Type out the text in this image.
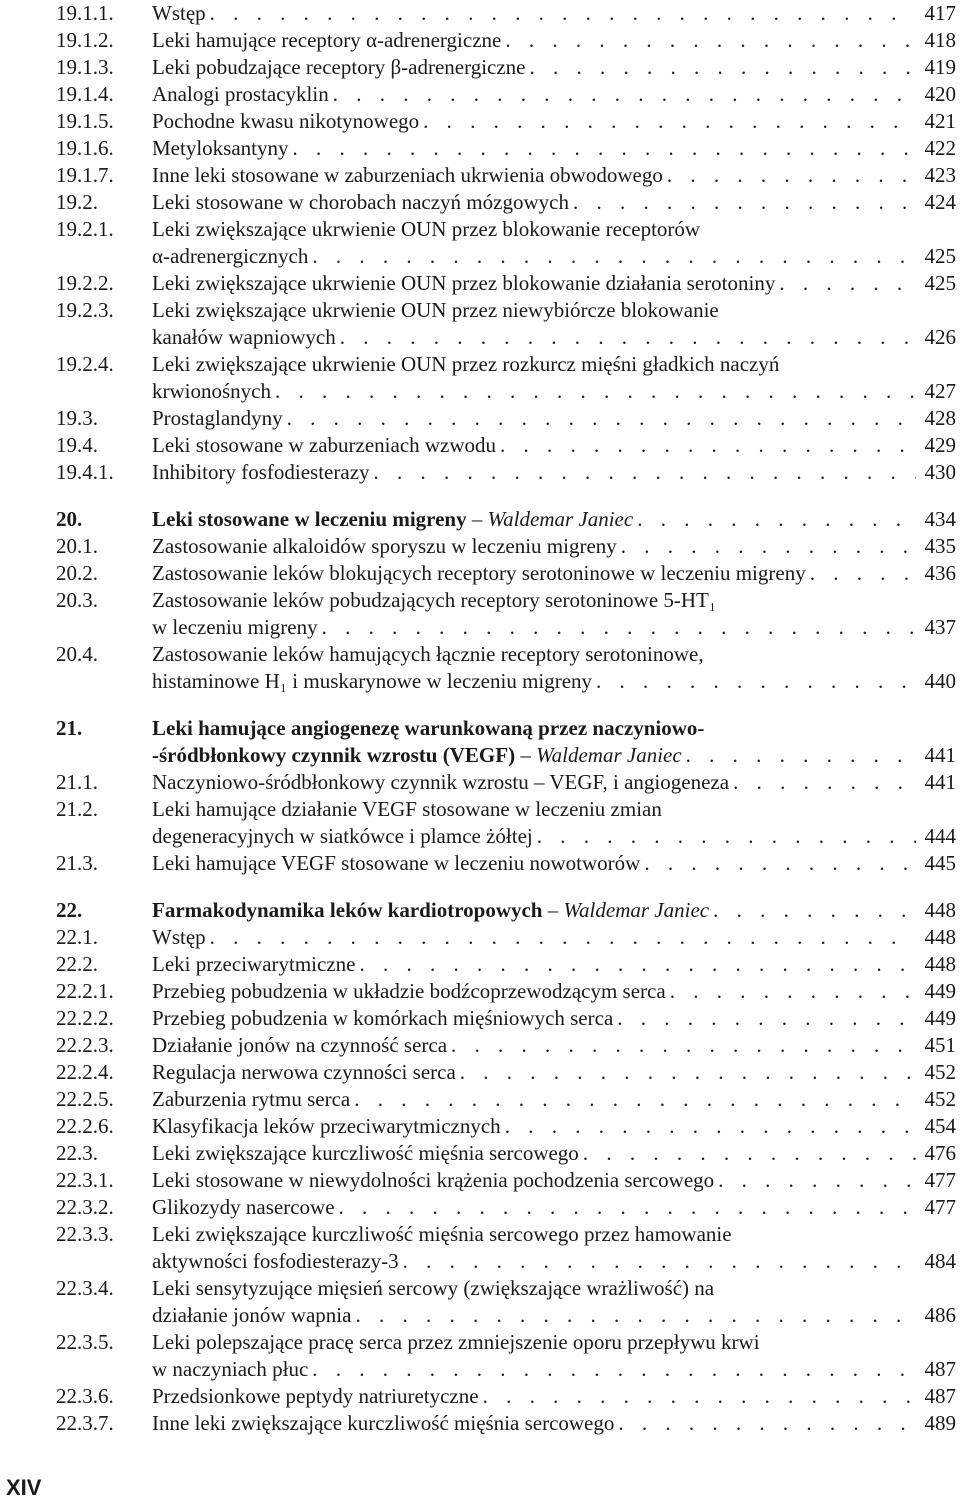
19.1.1.	Wstęp . . .	417
19.1.2.	Leki hamujące receptory α-adrenergiczne . . .	418
19.1.3.	Leki pobudzające receptory β-adrenergiczne . . .	419
19.1.4.	Analogi prostacyklin . . .	420
19.1.5.	Pochodne kwasu nikotynowego . . .	421
19.1.6.	Metyloksantyny . . .	422
19.1.7.	Inne leki stosowane w zaburzeniach ukrwienia obwodowego . . .	423
19.2.	Leki stosowane w chorobach naczyń mózgowych . . .	424
19.2.1.	Leki zwiększające ukrwienie OUN przez blokowanie receptorów
α-adrenergicznych . . .	425
19.2.2.	Leki zwiększające ukrwienie OUN przez blokowanie działania serotoniny . . .	425
19.2.3.	Leki zwiększające ukrwienie OUN przez niewybiórcze blokowanie
kanałów wapniowych . . .	426
19.2.4.	Leki zwiększające ukrwienie OUN przez rozkurcz mięśni gładkich naczyń
krwionośnych . . .	427
19.3.	Prostaglandyny . . .	428
19.4.	Leki stosowane w zaburzeniach wzwodu . . .	429
19.4.1.	Inhibitory fosfodiesterazy . . .	430
20.	Leki stosowane w leczeniu migreny – Waldemar Janiec . . .	434
20.1.	Zastosowanie alkaloidów sporyszu w leczeniu migreny . . .	435
20.2.	Zastosowanie leków blokujących receptory serotoninowe w leczeniu migreny . . .	436
20.3.	Zastosowanie leków pobudzających receptory serotoninowe 5-HT₁
w leczeniu migreny . . .	437
20.4.	Zastosowanie leków hamujących łącznie receptory serotoninowe,
histaminowe H₁ i muskarynowe w leczeniu migreny . . .	440
21.	Leki hamujące angiogenezę warunkowaną przez naczyniowo-
-śródbłonkowy czynnik wzrostu (VEGF) – Waldemar Janiec . . .	441
21.1.	Naczyniowo-śródbłonkowy czynnik wzrostu – VEGF, i angiogeneza . . .	441
21.2.	Leki hamujące działanie VEGF stosowane w leczeniu zmian
degeneracyjnych w siatkówce i plamce żółtej . . .	444
21.3.	Leki hamujące VEGF stosowane w leczeniu nowotworów . . .	445
22.	Farmakodynamika leków kardiotropowych – Waldemar Janiec . . .	448
22.1.	Wstęp . . .	448
22.2.	Leki przeciwarytmiczne . . .	448
22.2.1.	Przebieg pobudzenia w układzie bodźcoprzewodzącym serca . . .	449
22.2.2.	Przebieg pobudzenia w komórkach mięśniowych serca . . .	449
22.2.3.	Działanie jonów na czynność serca . . .	451
22.2.4.	Regulacja nerwowa czynności serca . . .	452
22.2.5.	Zaburzenia rytmu serca . . .	452
22.2.6.	Klasyfikacja leków przeciwarytmicznych . . .	454
22.3.	Leki zwiększające kurczliwość mięśnia sercowego . . .	476
22.3.1.	Leki stosowane w niewydolności krążenia pochodzenia sercowego . . .	477
22.3.2.	Glikozydy nasercowe . . .	477
22.3.3.	Leki zwiększające kurczliwość mięśnia sercowego przez hamowanie
aktywności fosfodiesterazy-3 . . .	484
22.3.4.	Leki sensytyzujące mięsień sercowy (zwiększające wrażliwość) na
działanie jonów wapnia . . .	486
22.3.5.	Leki polepszające pracę serca przez zmniejszenie oporu przepływu krwi
w naczyniach płuc . . .	487
22.3.6.	Przedsionkowe peptydy natriuretyczne . . .	487
22.3.7.	Inne leki zwiększające kurczliwość mięśnia sercowego . . .	489
XIV
